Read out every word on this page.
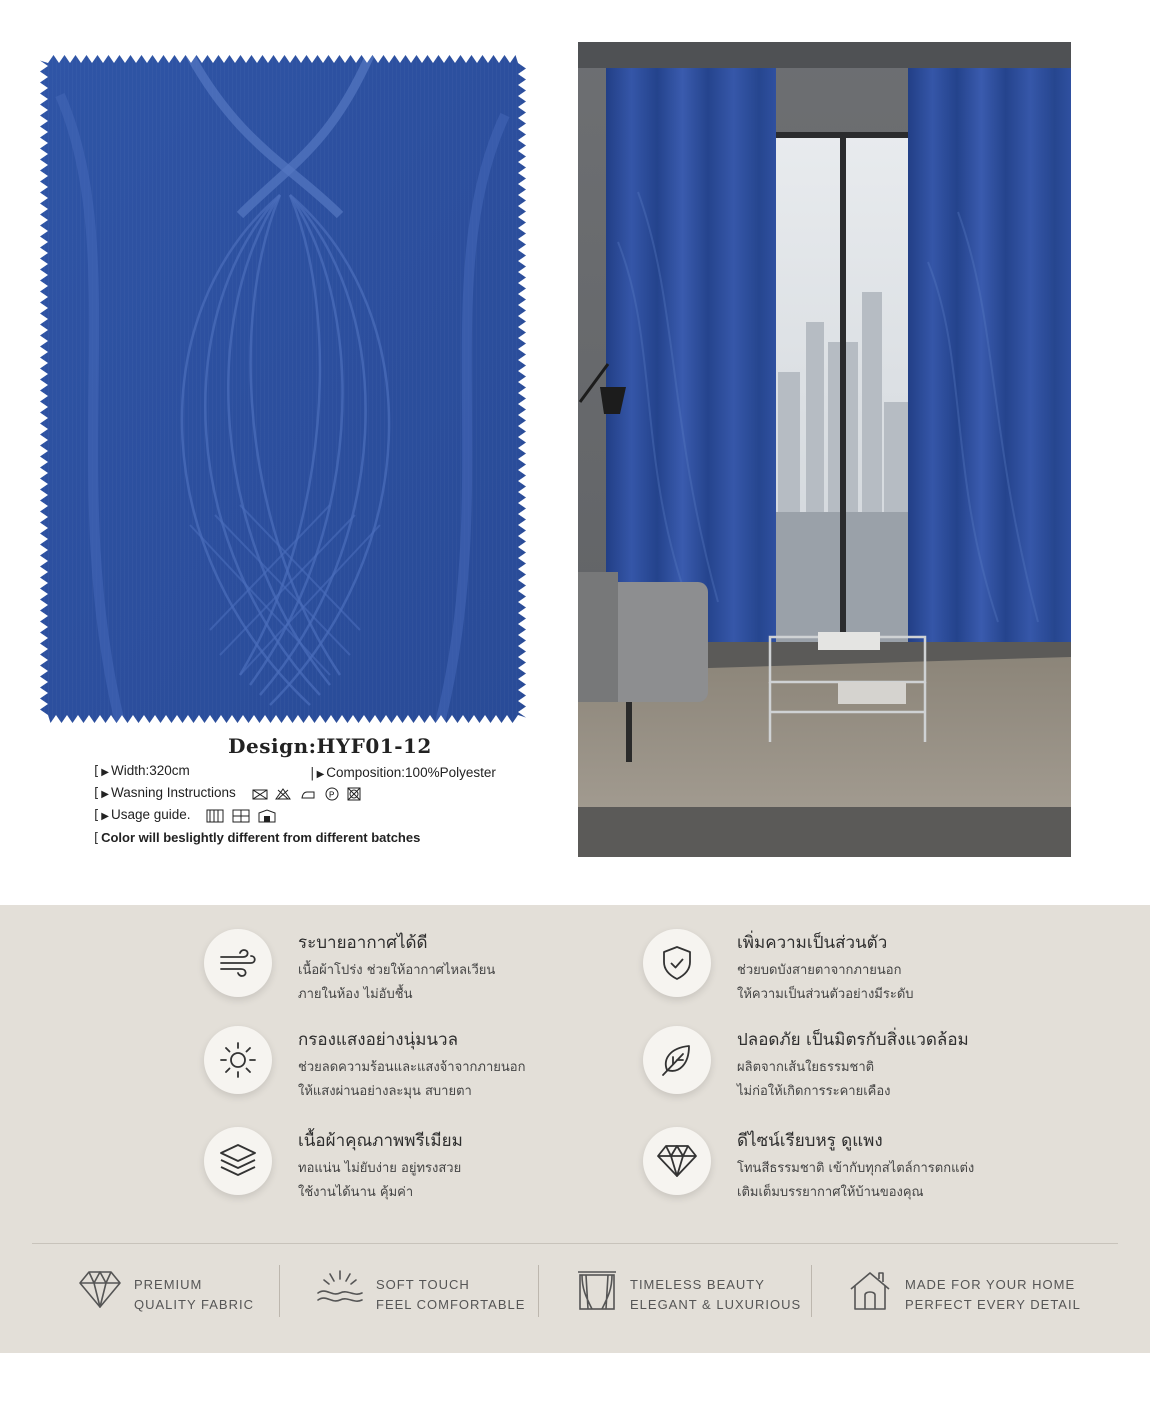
Design:HYF01-12
[ ▶ Width:320cm	| ▶ Composition:100%Polyester
[ ▶ Wasning Instructions	P

[ ▶ Usage guide.
[ Color will beslightly different from different batches
ระบายอากาศได้ดี
เนื้อผ้าโปร่ง ช่วยให้อากาศไหลเวียน
ภายในห้อง ไม่อับชื้น
เพิ่มความเป็นส่วนตัว
ช่วยบดบังสายตาจากภายนอก
ให้ความเป็นส่วนตัวอย่างมีระดับ
กรองแสงอย่างนุ่มนวล
ช่วยลดความร้อนและแสงจ้าจากภายนอก
ให้แสงผ่านอย่างละมุน สบายตา
ปลอดภัย เป็นมิตรกับสิ่งแวดล้อม
ผลิตจากเส้นใยธรรมชาติ
ไม่ก่อให้เกิดการระคายเคือง
เนื้อผ้าคุณภาพพรีเมียม
ทอแน่น ไม่ยับง่าย อยู่ทรงสวย
ใช้งานได้นาน คุ้มค่า
ดีไซน์เรียบหรู ดูแพง
โทนสีธรรมชาติ เข้ากับทุกสไตล์การตกแต่ง
เติมเต็มบรรยากาศให้บ้านของคุณ
PREMIUM
QUALITY FABRIC
SOFT TOUCH
FEEL COMFORTABLE
TIMELESS BEAUTY
ELEGANT & LUXURIOUS
MADE FOR YOUR HOME
PERFECT EVERY DETAIL
